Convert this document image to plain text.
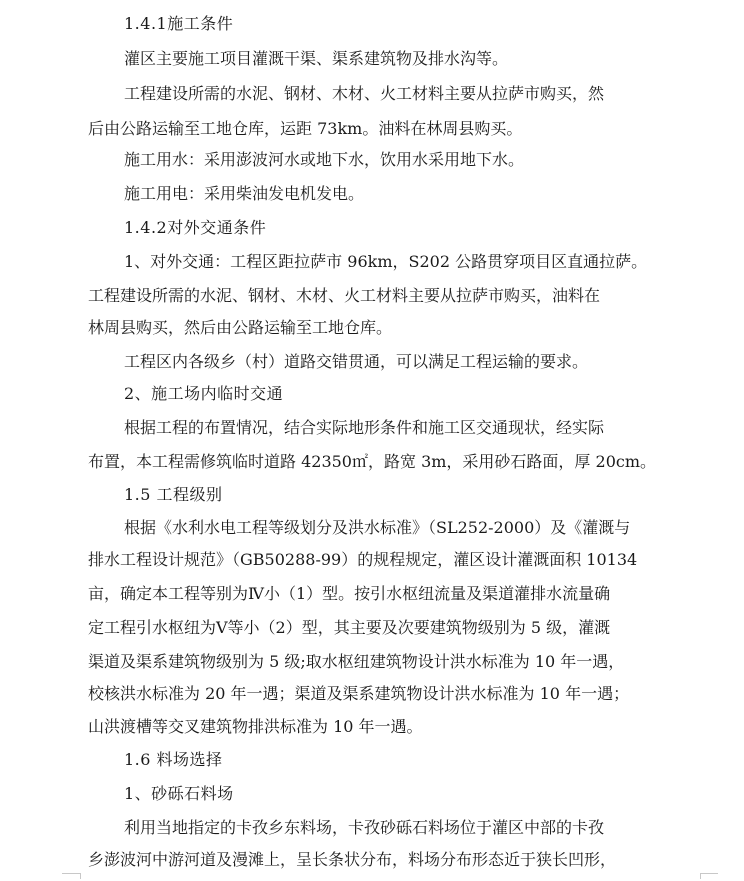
1.4.1施工条件
灌区主要施工项目灌溉干渠、渠系建筑物及排水沟等。
工程建设所需的水泥、钢材、木材、火工材料主要从拉萨市购买，然
后由公路运输至工地仓库，运距 73km。油料在林周县购买。
施工用水：采用澎波河水或地下水，饮用水采用地下水。
施工用电：采用柴油发电机发电。
1.4.2对外交通条件
1、对外交通：工程区距拉萨市 96km，S202 公路贯穿项目区直通拉萨。
工程建设所需的水泥、钢材、木材、火工材料主要从拉萨市购买，油料在
林周县购买，然后由公路运输至工地仓库。
工程区内各级乡（村）道路交错贯通，可以满足工程运输的要求。
2、施工场内临时交通
根据工程的布置情况，结合实际地形条件和施工区交通现状，经实际
布置，本工程需修筑临时道路 42350㎡，路宽 3m，采用砂石路面，厚 20cm。
1.5 工程级别
根据《水利水电工程等级划分及洪水标准》（SL252-2000）及《灌溉与
排水工程设计规范》（GB50288-99）的规程规定，灌区设计灌溉面积 10134
亩，确定本工程等别为Ⅳ小（1）型。按引水枢纽流量及渠道灌排水流量确
定工程引水枢纽为Ⅴ等小（2）型，其主要及次要建筑物级别为 5 级，灌溉
渠道及渠系建筑物级别为 5 级;取水枢纽建筑物设计洪水标准为 10 年一遇，
校核洪水标准为 20 年一遇；渠道及渠系建筑物设计洪水标准为 10 年一遇；
山洪渡槽等交叉建筑物排洪标准为 10 年一遇。
1.6 料场选择
1、砂砾石料场
利用当地指定的卡孜乡东料场，卡孜砂砾石料场位于灌区中部的卡孜
乡澎波河中游河道及漫滩上，呈长条状分布，料场分布形态近于狭长凹形，
